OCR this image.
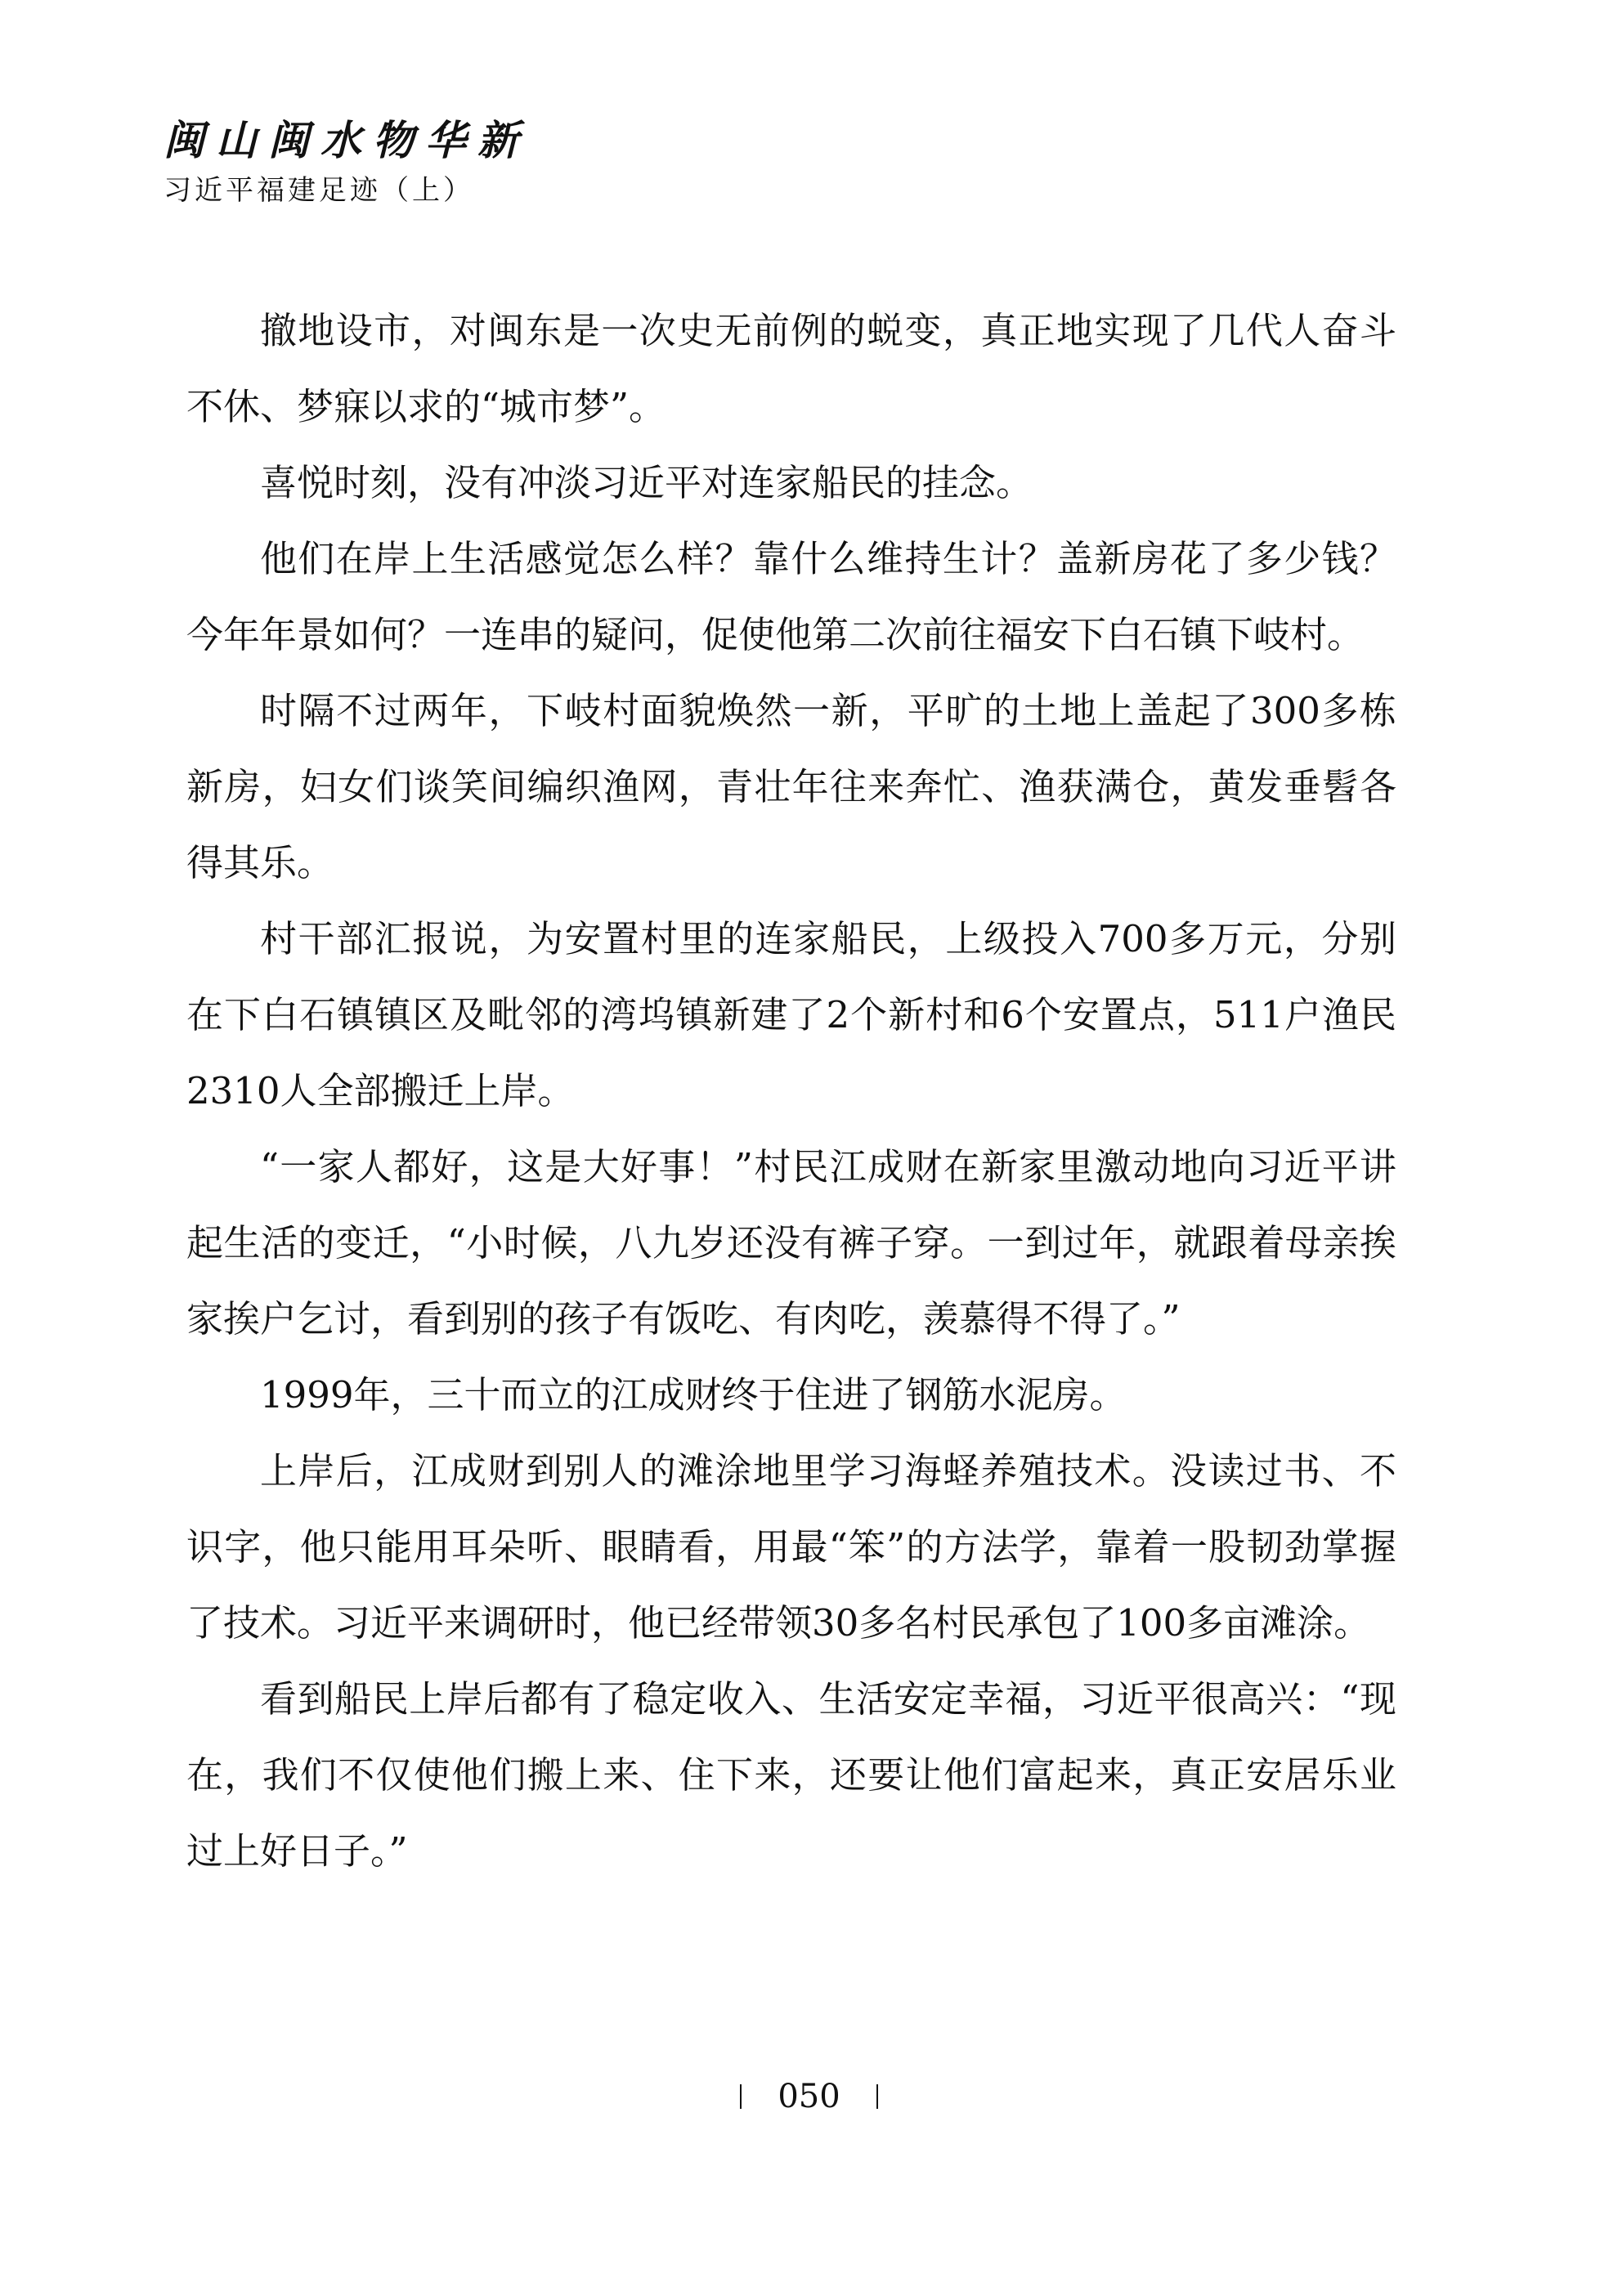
闽山闽水物华新
习近平福建足迹（上）

撤地设市，对闽东是一次史无前例的蜕变，真正地实现了几代人奋斗不休、梦寐以求的“城市梦”。

喜悦时刻，没有冲淡习近平对连家船民的挂念。

他们在岸上生活感觉怎么样？靠什么维持生计？盖新房花了多少钱？今年年景如何？一连串的疑问，促使他第二次前往福安下白石镇下岐村。

时隔不过两年，下岐村面貌焕然一新，平旷的土地上盖起了300多栋新房，妇女们谈笑间编织渔网，青壮年往来奔忙、渔获满仓，黄发垂髫各得其乐。

村干部汇报说，为安置村里的连家船民，上级投入700多万元，分别在下白石镇镇区及毗邻的湾坞镇新建了2个新村和6个安置点，511户渔民2310人全部搬迁上岸。

“一家人都好，这是大好事！”村民江成财在新家里激动地向习近平讲起生活的变迁，“小时候，八九岁还没有裤子穿。一到过年，就跟着母亲挨家挨户乞讨，看到别的孩子有饭吃、有肉吃，羡慕得不得了。”

1999年，三十而立的江成财终于住进了钢筋水泥房。

上岸后，江成财到别人的滩涂地里学习海蛏养殖技术。没读过书、不识字，他只能用耳朵听、眼睛看，用最“笨”的方法学，靠着一股韧劲掌握了技术。习近平来调研时，他已经带领30多名村民承包了100多亩滩涂。

看到船民上岸后都有了稳定收入、生活安定幸福，习近平很高兴：“现在，我们不仅使他们搬上来、住下来，还要让他们富起来，真正安居乐业过上好日子。”

050
